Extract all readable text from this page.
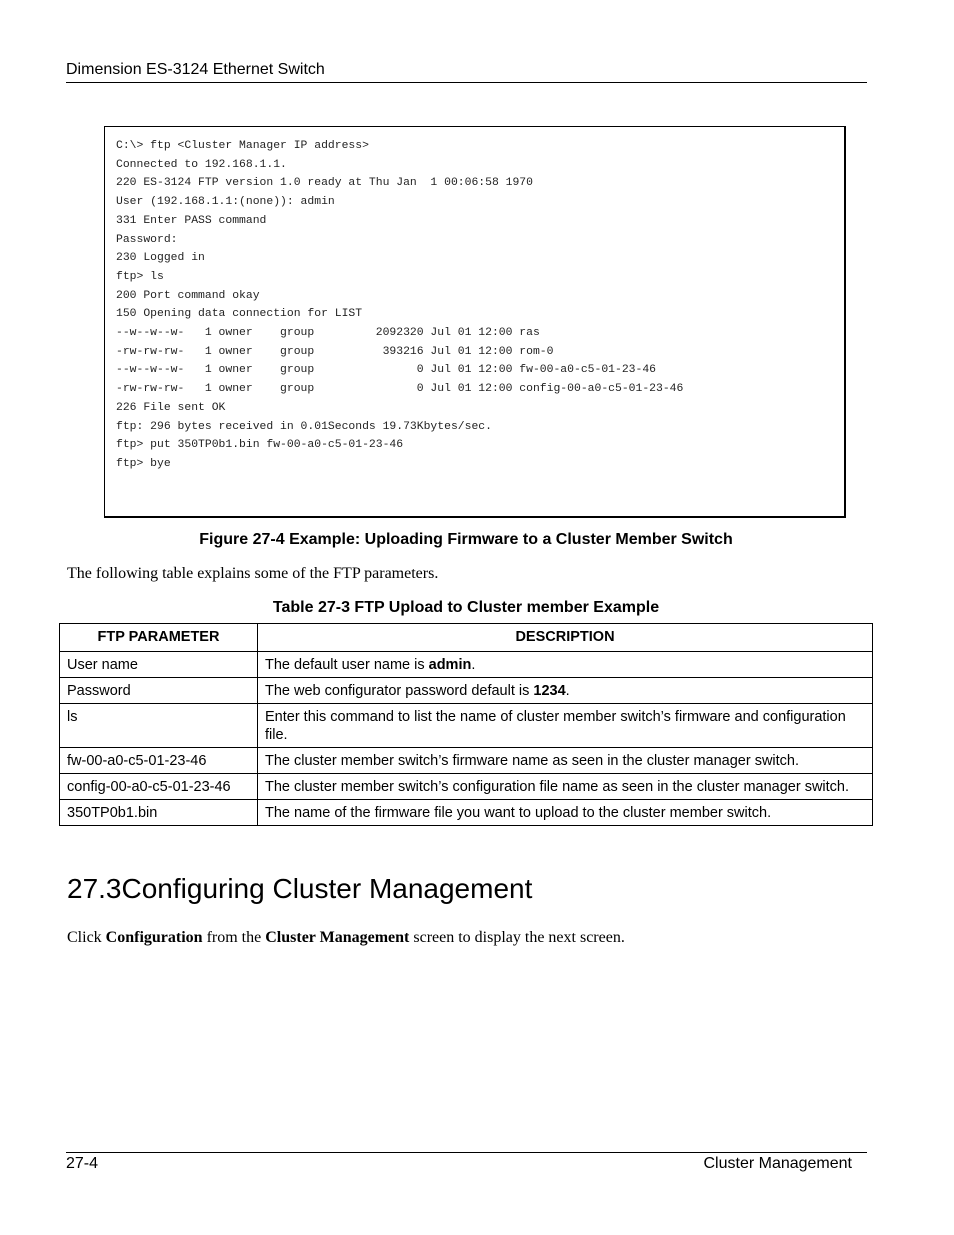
Dimension ES-3124 Ethernet Switch
C:\> ftp <Cluster Manager IP address>
Connected to 192.168.1.1.
220 ES-3124 FTP version 1.0 ready at Thu Jan  1 00:06:58 1970
User (192.168.1.1:(none)): admin
331 Enter PASS command
Password:
230 Logged in
ftp> ls
200 Port command okay
150 Opening data connection for LIST
--w--w--w-   1 owner    group         2092320 Jul 01 12:00 ras
-rw-rw-rw-   1 owner    group          393216 Jul 01 12:00 rom-0
--w--w--w-   1 owner    group               0 Jul 01 12:00 fw-00-a0-c5-01-23-46
-rw-rw-rw-   1 owner    group               0 Jul 01 12:00 config-00-a0-c5-01-23-46
226 File sent OK
ftp: 296 bytes received in 0.01Seconds 19.73Kbytes/sec.
ftp> put 350TP0b1.bin fw-00-a0-c5-01-23-46
ftp> bye
Figure 27-4 Example: Uploading Firmware to a Cluster Member Switch
The following table explains some of the FTP parameters.
Table 27-3 FTP Upload to Cluster member Example
FTP PARAMETER	DESCRIPTION
User name	The default user name is admin.
Password	The web configurator password default is 1234.
ls	Enter this command to list the name of cluster member switch’s firmware and configuration file.
fw-00-a0-c5-01-23-46	The cluster member switch’s firmware name as seen in the cluster manager switch.
config-00-a0-c5-01-23-46	The cluster member switch’s configuration file name as seen in the cluster manager switch.
350TP0b1.bin	The name of the firmware file you want to upload to the cluster member switch.
27.3Configuring Cluster Management
Click Configuration from the Cluster Management screen to display the next screen.
27-4	Cluster Management
